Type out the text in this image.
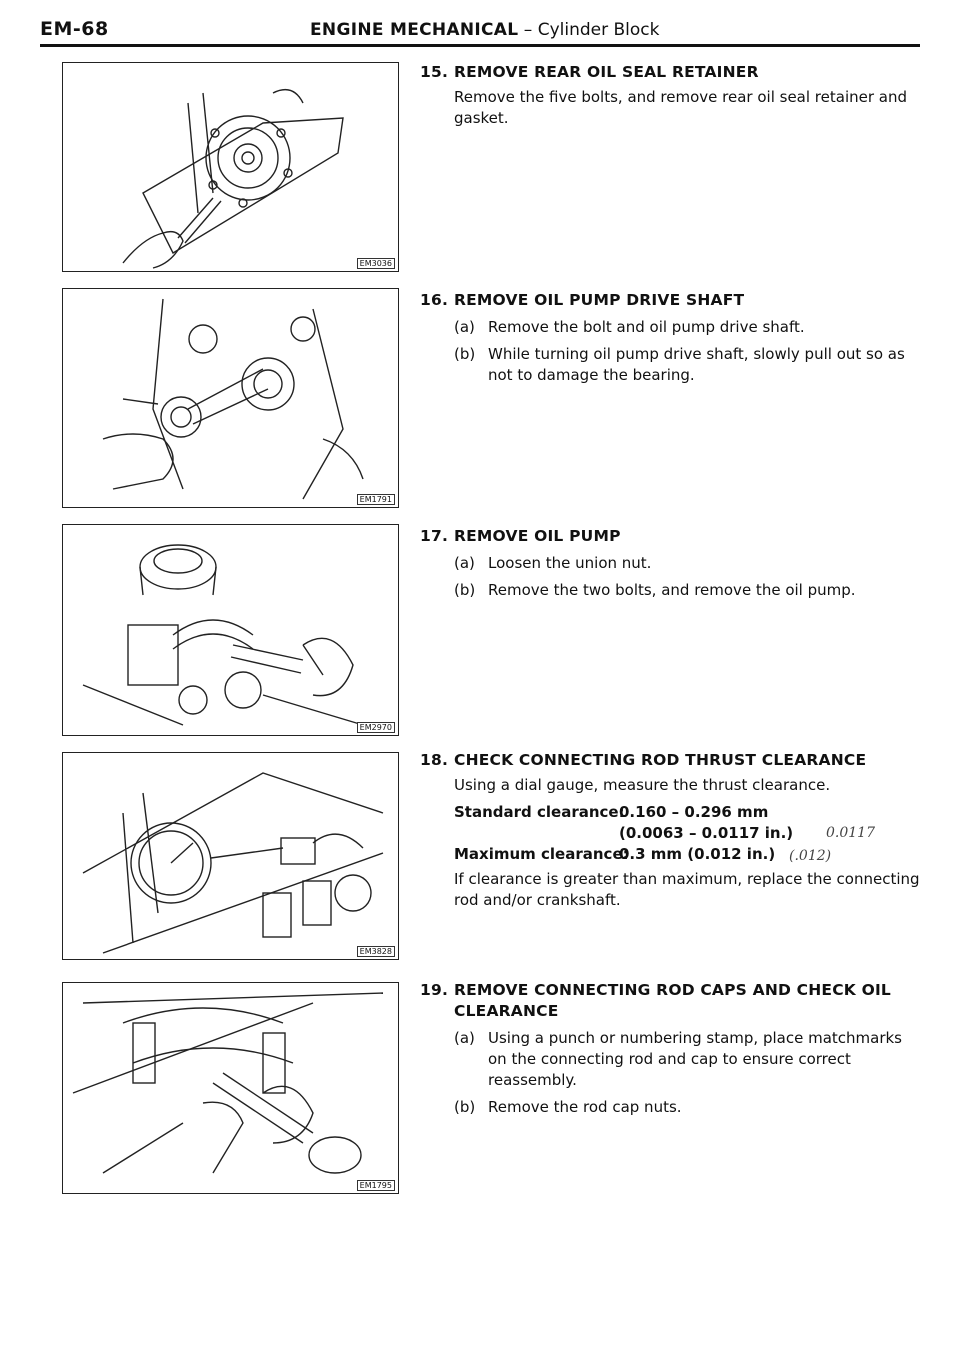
EM-68	ENGINE MECHANICAL – Cylinder Block
EM3036
EM1791
EM2970
EM3828
EM1795
15. REMOVE REAR OIL SEAL RETAINER
Remove the five bolts, and remove rear oil seal retainer and gasket.
16. REMOVE OIL PUMP DRIVE SHAFT
(a) Remove the bolt and oil pump drive shaft.
(b) While turning oil pump drive shaft, slowly pull out so as not to damage the bearing.
17. REMOVE OIL PUMP
(a) Loosen the union nut.
(b) Remove the two bolts, and remove the oil pump.
18. CHECK CONNECTING ROD THRUST CLEARANCE
Using a dial gauge, measure the thrust clearance.
Standard clearance:
0.160 – 0.296 mm
(0.0063 – 0.0117 in.) 0.0117
Maximum clearance:
0.3 mm (0.012 in.) (.012)
If clearance is greater than maximum, replace the connecting rod and/or crankshaft.
19. REMOVE CONNECTING ROD CAPS AND CHECK OIL CLEARANCE
(a) Using a punch or numbering stamp, place matchmarks on the connecting rod and cap to ensure correct reassembly.
(b) Remove the rod cap nuts.
